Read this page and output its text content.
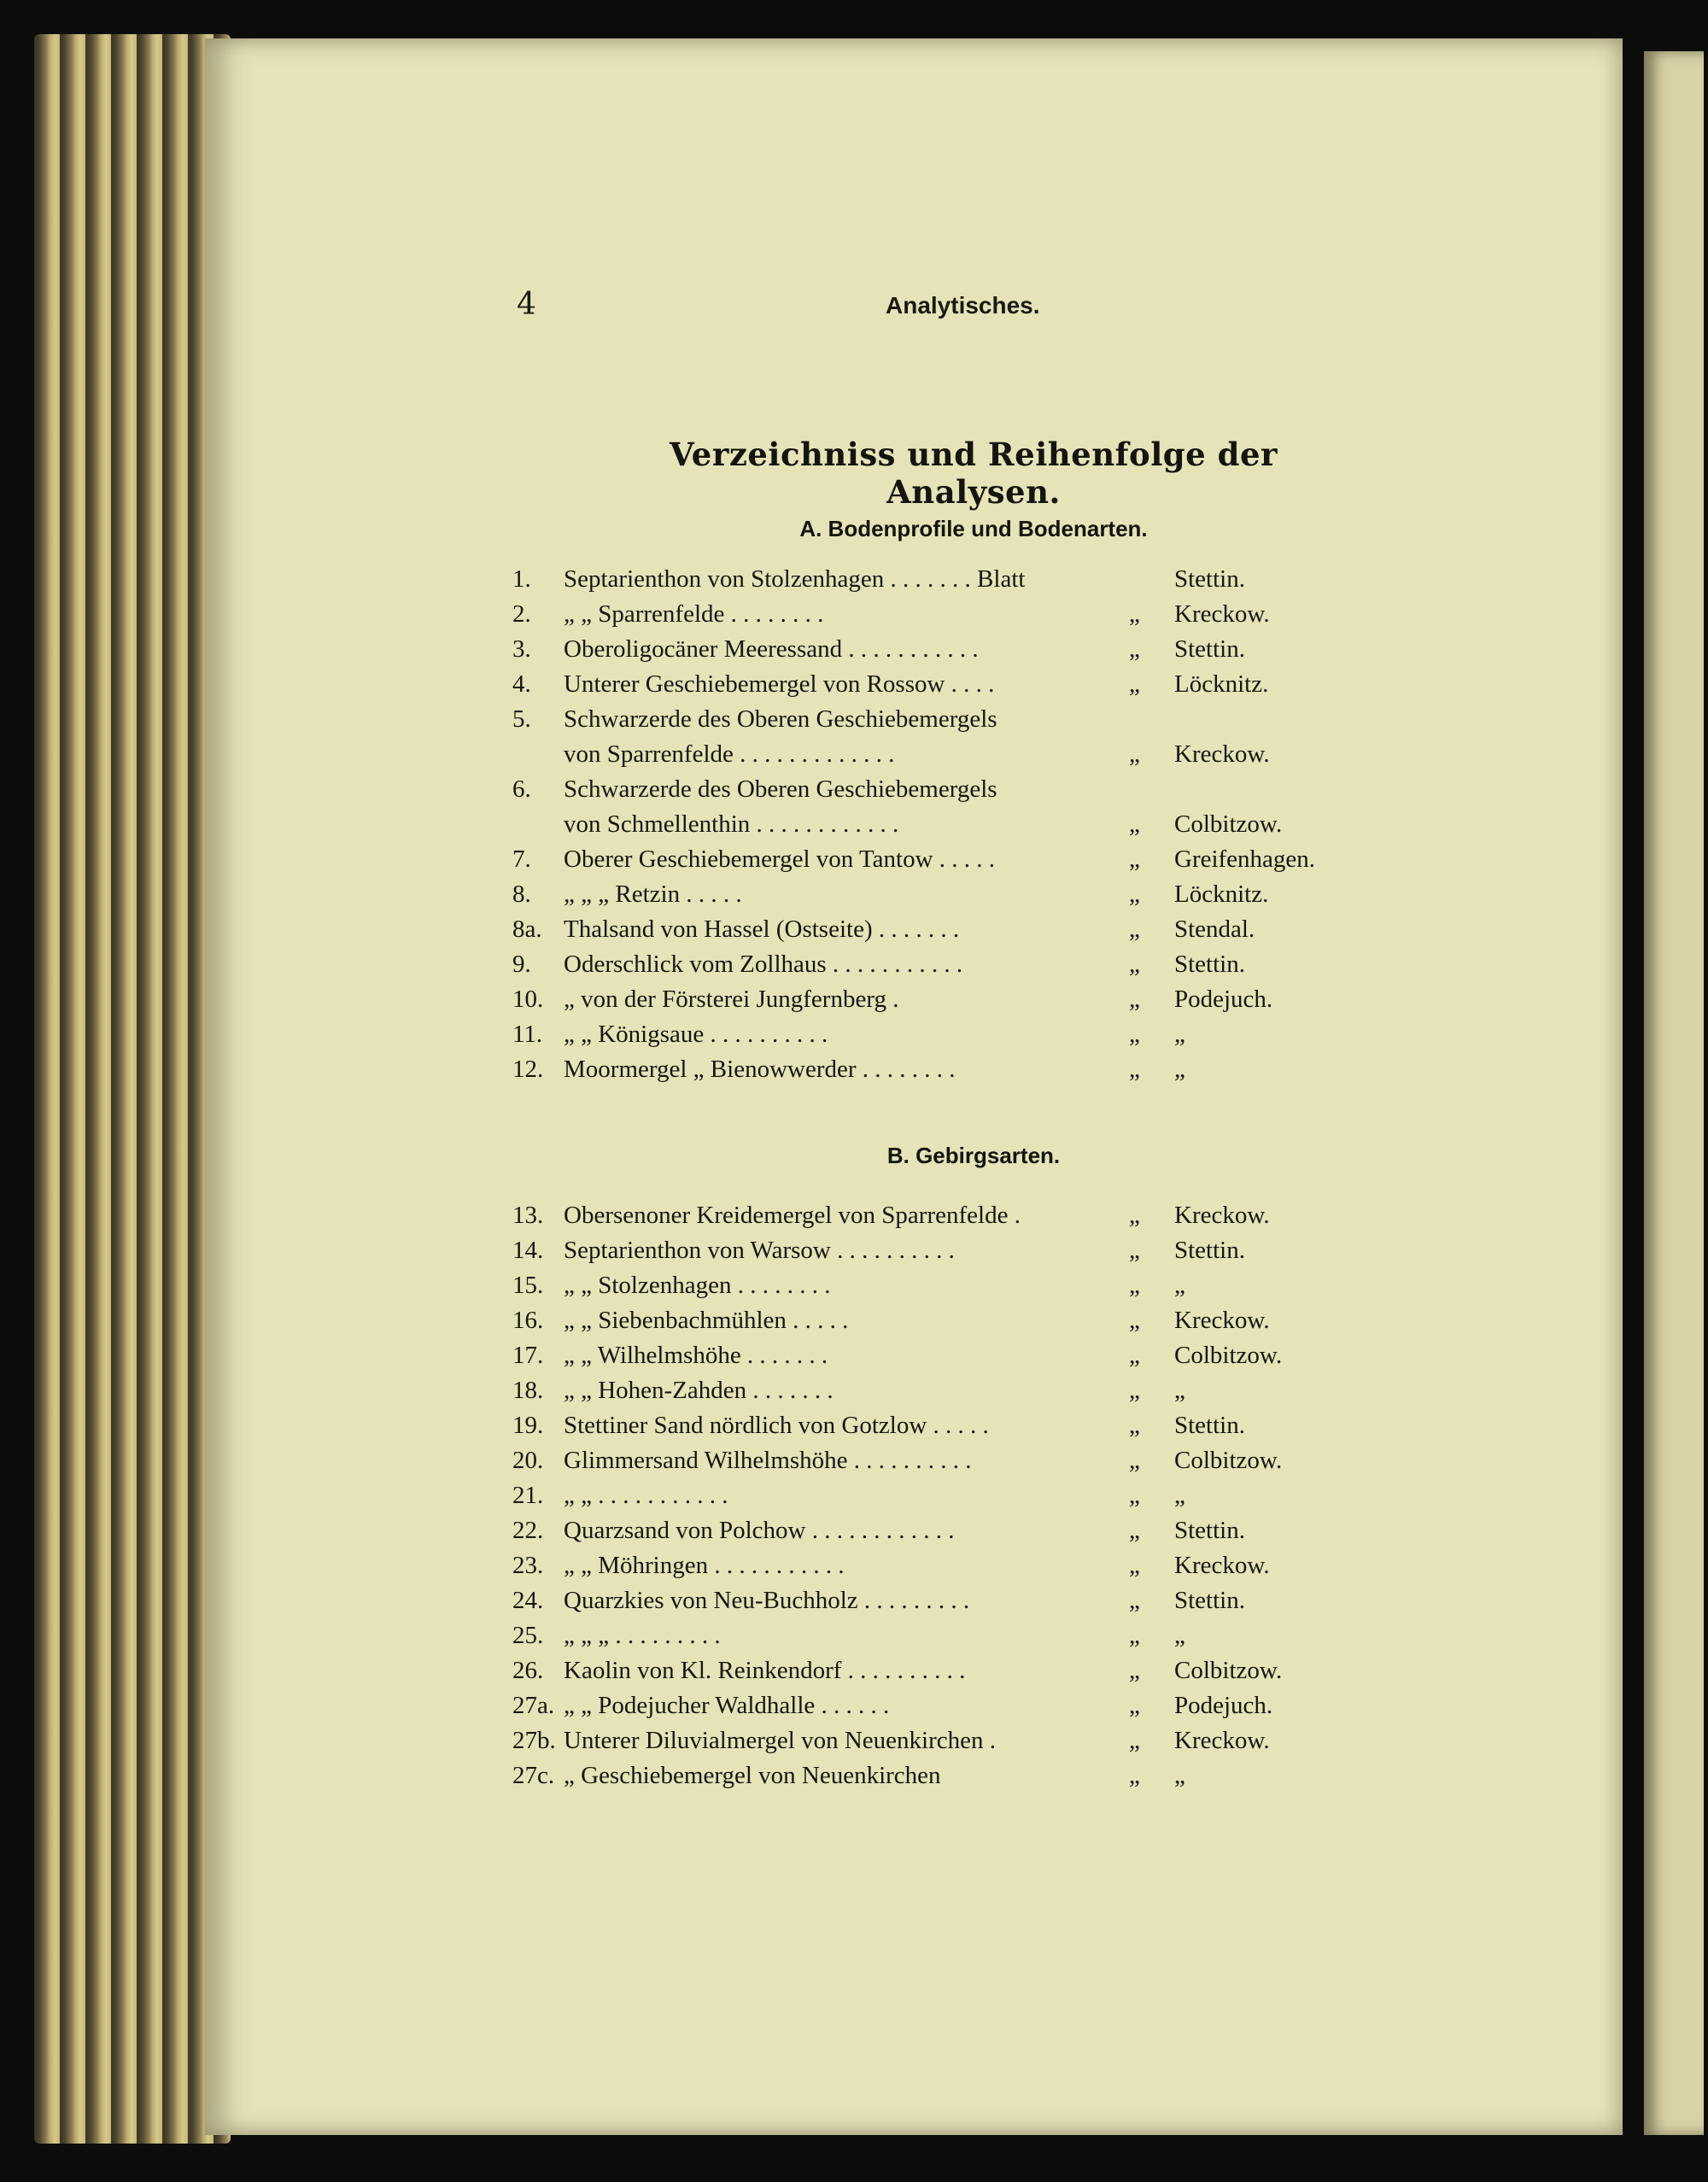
4	Analytisches.
Verzeichniss und Reihenfolge der Analysen.
A. Bodenprofile und Bodenarten.
1. Septarienthon von Stolzenhagen . . . . . . . Blatt	Stettin.
2. „ „ Sparrenfelde . . . . . . . .	„ Kreckow.
3. Oberoligocäner Meeressand . . . . . . . . . . .	„ Stettin.
4. Unterer Geschiebemergel von Rossow . . . .	„ Löcknitz.
5. Schwarzerde des Oberen Geschiebemergels
von Sparrenfelde . . . . . . . . . . . . .	„ Kreckow.
6. Schwarzerde des Oberen Geschiebemergels
von Schmellenthin . . . . . . . . . . . .	„ Colbitzow.
7. Oberer Geschiebemergel von Tantow . . . . .	„ Greifenhagen.
8. „ „ „ Retzin . . . . .	„ Löcknitz.
8a. Thalsand von Hassel (Ostseite) . . . . . . .	„ Stendal.
9. Oderschlick vom Zollhaus . . . . . . . . . . .	„ Stettin.
10. „ von der Försterei Jungfernberg .	„ Podejuch.
11. „ „ Königsaue . . . . . . . . . .	„ „
12. Moormergel „ Bienowwerder . . . . . . . .	„ „
B. Gebirgsarten.
13. Obersenoner Kreidemergel von Sparrenfelde .	„ Kreckow.
14. Septarienthon von Warsow . . . . . . . . . .	„ Stettin.
15. „ „ Stolzenhagen . . . . . . . .	„ „
16. „ „ Siebenbachmühlen . . . . .	„ Kreckow.
17. „ „ Wilhelmshöhe . . . . . . .	„ Colbitzow.
18. „ „ Hohen-Zahden . . . . . . .	„ „
19. Stettiner Sand nördlich von Gotzlow . . . . .	„ Stettin.
20. Glimmersand Wilhelmshöhe . . . . . . . . . .	„ Colbitzow.
21. „ „ . . . . . . . . . . .	„ „
22. Quarzsand von Polchow . . . . . . . . . . . .	„ Stettin.
23. „ „ Möhringen . . . . . . . . . . .	„ Kreckow.
24. Quarzkies von Neu-Buchholz . . . . . . . . .	„ Stettin.
25. „ „ „ . . . . . . . . .	„ „
26. Kaolin von Kl. Reinkendorf . . . . . . . . . .	„ Colbitzow.
27a. „ „ Podejucher Waldhalle . . . . . .	„ Podejuch.
27b. Unterer Diluvialmergel von Neuenkirchen .	„ Kreckow.
27c. „ Geschiebemergel von Neuenkirchen	„ „
